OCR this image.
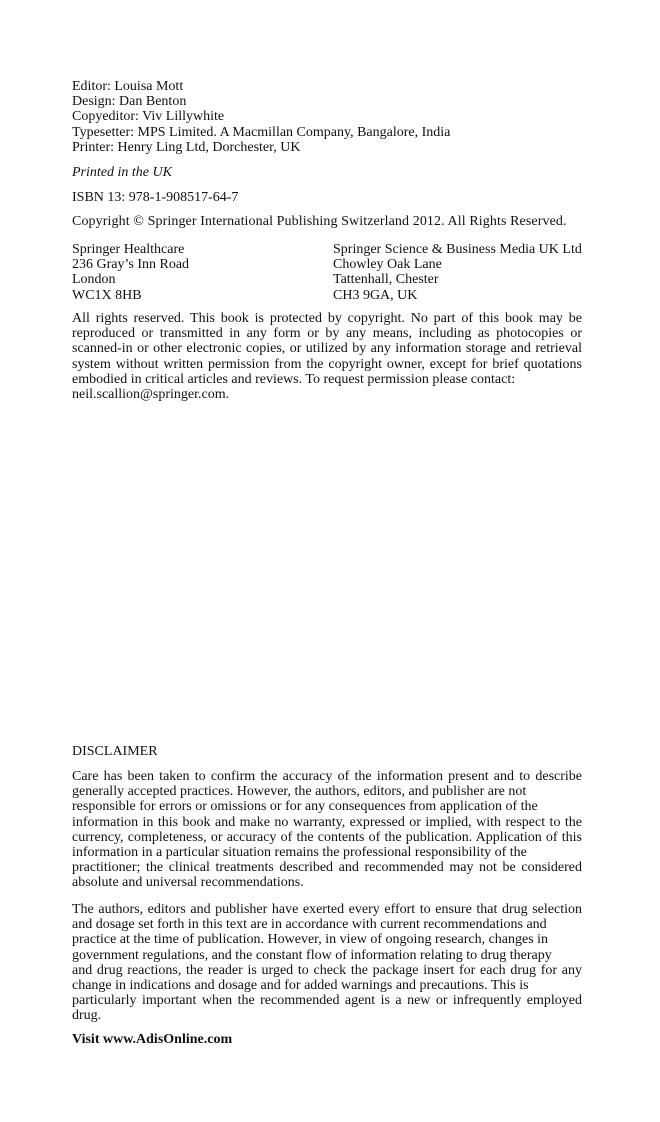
Editor: Louisa Mott
Design: Dan Benton
Copyeditor: Viv Lillywhite
Typesetter: MPS Limited. A Macmillan Company, Bangalore, India
Printer: Henry Ling Ltd, Dorchester, UK
Printed in the UK
ISBN 13: 978-1-908517-64-7
Copyright © Springer International Publishing Switzerland 2012. All Rights Reserved.
Springer Healthcare
236 Gray’s Inn Road
London
WC1X 8HB
Springer Science & Business Media UK Ltd
Chowley Oak Lane
Tattenhall, Chester
CH3 9GA, UK
All rights reserved. This book is protected by copyright. No part of this book may be
reproduced or transmitted in any form or by any means, including as photocopies or
scanned-in or other electronic copies, or utilized by any information storage and retrieval
system without written permission from the copyright owner, except for brief quotations
embodied in critical articles and reviews. To request permission please contact:
neil.scallion@springer.com.
DISCLAIMER
Care has been taken to confirm the accuracy of the information present and to describe
generally accepted practices. However, the authors, editors, and publisher are not
responsible for errors or omissions or for any consequences from application of the
information in this book and make no warranty, expressed or implied, with respect to the
currency, completeness, or accuracy of the contents of the publication. Application of this
information in a particular situation remains the professional responsibility of the
practitioner; the clinical treatments described and recommended may not be considered
absolute and universal recommendations.
The authors, editors and publisher have exerted every effort to ensure that drug selection
and dosage set forth in this text are in accordance with current recommendations and
practice at the time of publication. However, in view of ongoing research, changes in
government regulations, and the constant flow of information relating to drug therapy
and drug reactions, the reader is urged to check the package insert for each drug for any
change in indications and dosage and for added warnings and precautions. This is
particularly important when the recommended agent is a new or infrequently employed
drug.
Visit www.AdisOnline.com
